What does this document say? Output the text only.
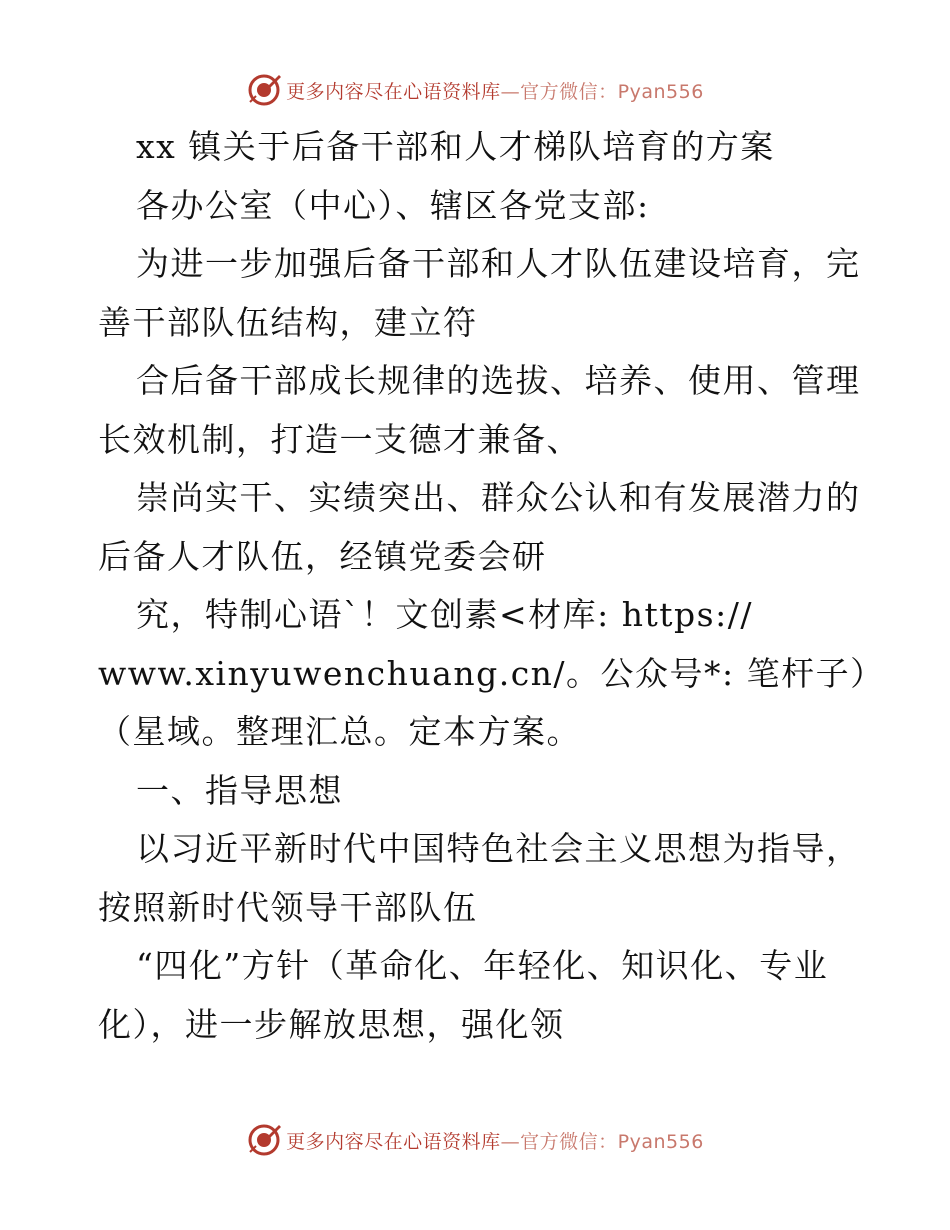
更多内容尽在心语资料库—官方微信：Pyan556
xx 镇关于后备干部和人才梯队培育的方案
各办公室（中心）、辖区各党支部:
为进一步加强后备干部和人才队伍建设培育，完
善干部队伍结构，建立符
合后备干部成长规律的选拔、培养、使用、管理
长效机制，打造一支德才兼备、
崇尚实干、实绩突出、群众公认和有发展潜力的
后备人才队伍，经镇党委会研
究，特制心语`！文创素<材库: https://
www.xinyuwenchuang.cn/。公众号*: 笔杆子）
（星域。整理汇总。定本方案。
一、指导思想
以习近平新时代中国特色社会主义思想为指导，
按照新时代领导干部队伍
“四化”方针（革命化、年轻化、知识化、专业
化），进一步解放思想，强化领
更多内容尽在心语资料库—官方微信：Pyan556
